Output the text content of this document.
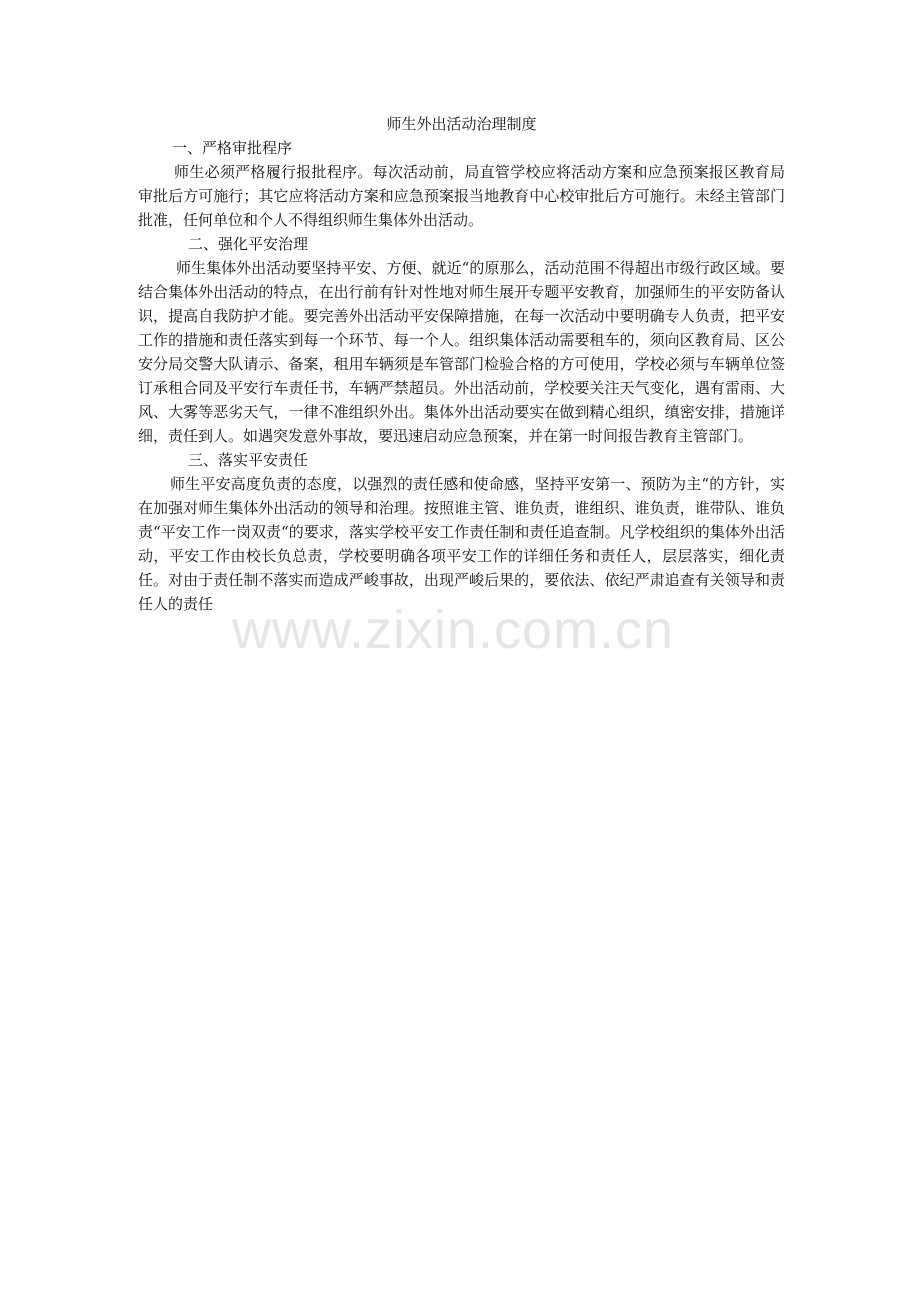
师生外出活动治理制度

一、严格审批程序

师生必须严格履行报批程序。每次活动前，局直管学校应将活动方案和应急预案报区教育局审批后方可施行；其它应将活动方案和应急预案报当地教育中心校审批后方可施行。未经主管部门批准，任何单位和个人不得组织师生集体外出活动。

二、强化平安治理

师生集体外出活动要坚持平安、方便、就近“的原那么，活动范围不得超出市级行政区域。要结合集体外出活动的特点，在出行前有针对性地对师生展开专题平安教育，加强师生的平安防备认识，提高自我防护才能。要完善外出活动平安保障措施，在每一次活动中要明确专人负责，把平安工作的措施和责任落实到每一个环节、每一个人。组织集体活动需要租车的，须向区教育局、区公安分局交警大队请示、备案，租用车辆须是车管部门检验合格的方可使用，学校必须与车辆单位签订承租合同及平安行车责任书，车辆严禁超员。外出活动前，学校要关注天气变化，遇有雷雨、大风、大雾等恶劣天气，一律不准组织外出。集体外出活动要实在做到精心组织，缜密安排，措施详细，责任到人。如遇突发意外事故，要迅速启动应急预案，并在第一时间报告教育主管部门。

三、落实平安责任

师生平安高度负责的态度，以强烈的责任感和使命感，坚持平安第一、预防为主“的方针，实在加强对师生集体外出活动的领导和治理。按照谁主管、谁负责，谁组织、谁负责，谁带队、谁负责“平安工作一岗双责“的要求，落实学校平安工作责任制和责任追查制。凡学校组织的集体外出活动，平安工作由校长负总责，学校要明确各项平安工作的详细任务和责任人，层层落实，细化责任。对由于责任制不落实而造成严峻事故，出现严峻后果的，要依法、依纪严肃追查有关领导和责任人的责任 www.zixin.com.cn
